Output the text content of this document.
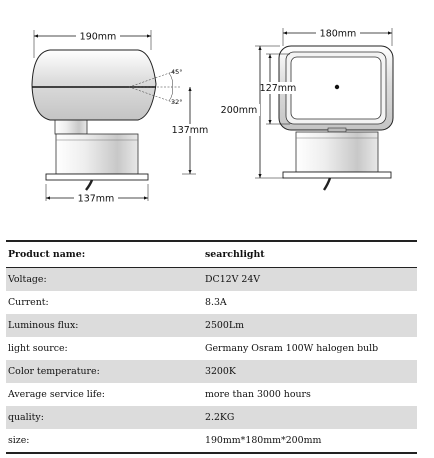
190mm
45°
32°
137mm
137mm
180mm
127mm
200mm
Product name:	searchlight
Voltage:	DC12V 24V
Current:	8.3A
Luminous flux:	2500Lm
light source:	Germany Osram 100W halogen bulb
Color temperature:	3200K
Average service life:	more than 3000 hours
quality:	2.2KG
size:	190mm*180mm*200mm
